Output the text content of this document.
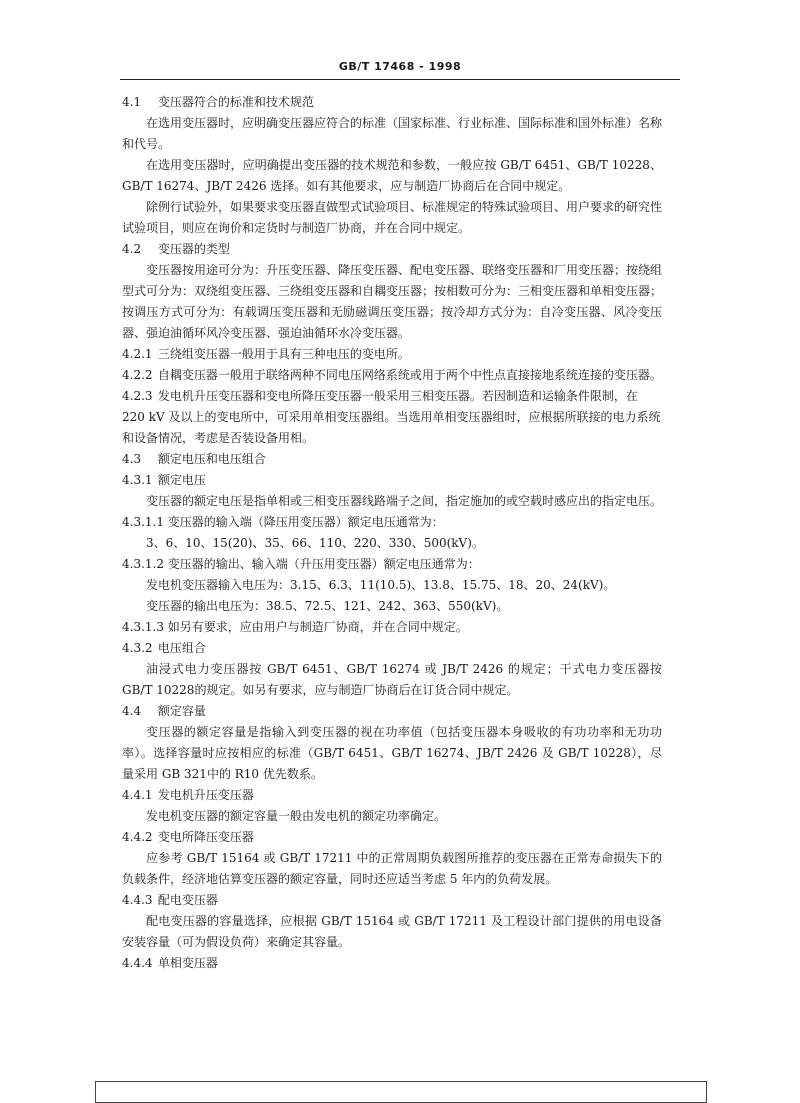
GB/T 17468 - 1998
4.1 变压器符合的标准和技术规范
在选用变压器时，应明确变压器应符合的标准（国家标准、行业标准、国际标准和国外标准）名称和代号。
在选用变压器时，应明确提出变压器的技术规范和参数，一般应按 GB/T 6451、GB/T 10228、GB/T 16274、JB/T 2426 选择。如有其他要求，应与制造厂协商后在合同中规定。
除例行试验外，如果要求变压器直做型式试验项目、标准规定的特殊试验项目、用户要求的研究性试验项目，则应在询价和定货时与制造厂协商，并在合同中规定。
4.2 变压器的类型
变压器按用途可分为：升压变压器、降压变压器、配电变压器、联络变压器和厂用变压器；按绕组型式可分为：双绕组变压器、三绕组变压器和自耦变压器；按相数可分为：三相变压器和单相变压器；按调压方式可分为：有载调压变压器和无励磁调压变压器；按冷却方式分为：自冷变压器、风冷变压器、强迫油循环风冷变压器、强迫油循环水冷变压器。
4.2.1 三绕组变压器一般用于具有三种电压的变电所。
4.2.2 自耦变压器一般用于联络两种不同电压网络系统或用于两个中性点直接接地系统连接的变压器。
4.2.3 发电机升压变压器和变电所降压变压器一般采用三相变压器。若因制造和运输条件限制，在 220 kV 及以上的变电所中，可采用单相变压器组。当选用单相变压器组时，应根据所联接的电力系统和设备情况，考虑是否装设备用相。
4.3 额定电压和电压组合
4.3.1 额定电压
变压器的额定电压是指单相或三相变压器线路端子之间，指定施加的或空载时感应出的指定电压。
4.3.1.1 变压器的输入端（降压用变压器）额定电压通常为：
3、6、10、15(20)、35、66、110、220、330、500(kV)。
4.3.1.2 变压器的输出、输入端（升压用变压器）额定电压通常为：
发电机变压器输入电压为：3.15、6.3、11(10.5)、13.8、15.75、18、20、24(kV)。
变压器的输出电压为：38.5、72.5、121、242、363、550(kV)。
4.3.1.3 如另有要求，应由用户与制造厂协商，并在合同中规定。
4.3.2 电压组合
油浸式电力变压器按 GB/T 6451、GB/T 16274 或 JB/T 2426 的规定；干式电力变压器按 GB/T 10228的规定。如另有要求，应与制造厂协商后在订货合同中规定。
4.4 额定容量
变压器的额定容量是指输入到变压器的视在功率值（包括变压器本身吸收的有功功率和无功功率）。选择容量时应按相应的标准（GB/T 6451、GB/T 16274、JB/T 2426 及 GB/T 10228），尽量采用 GB 321中的 R10 优先数系。
4.4.1 发电机升压变压器
发电机变压器的额定容量一般由发电机的额定功率确定。
4.4.2 变电所降压变压器
应参考 GB/T 15164 或 GB/T 17211 中的正常周期负载图所推荐的变压器在正常寿命损失下的负载条件，经济地估算变压器的额定容量，同时还应适当考虑 5 年内的负荷发展。
4.4.3 配电变压器
配电变压器的容量选择，应根据 GB/T 15164 或 GB/T 17211 及工程设计部门提供的用电设备安装容量（可为假设负荷）来确定其容量。
4.4.4 单相变压器
